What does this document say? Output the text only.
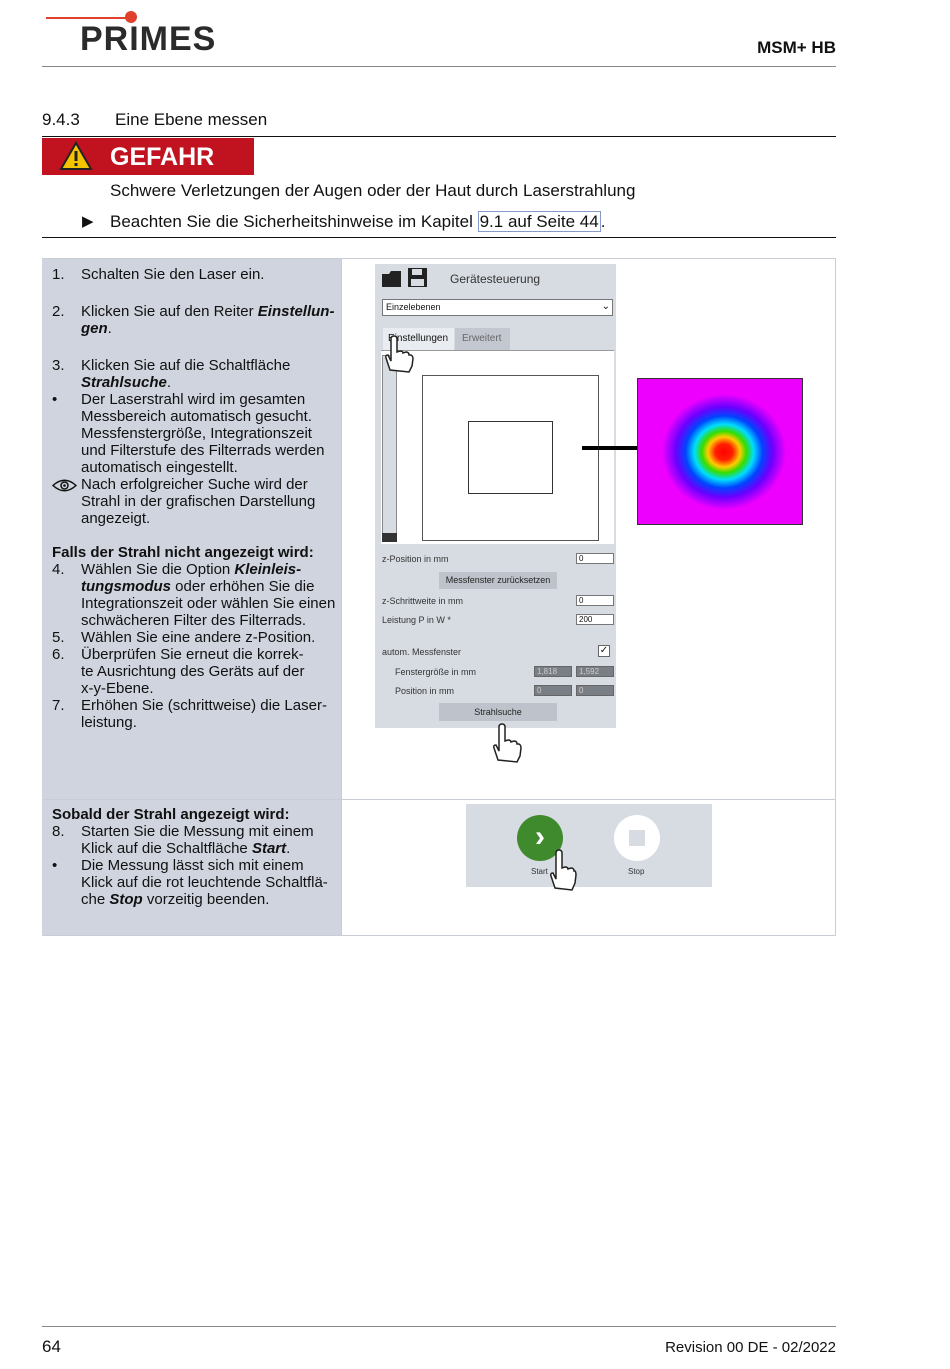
PRIMES	MSM+ HB
9.4.3 Eine Ebene messen
GEFAHR
Schwere Verletzungen der Augen oder der Haut durch Laserstrahlung
▶ Beachten Sie die Sicherheitshinweise im Kapitel 9.1 auf Seite 44 .
1. Schalten Sie den Laser ein.
2. Klicken Sie auf den Reiter Einstellun-
gen.
3. Klicken Sie auf die Schaltfläche
Strahlsuche.
• Der Laserstrahl wird im gesamten
Messbereich automatisch gesucht.
Messfenstergröße, Integrationszeit
und Filterstufe des Filterrads werden
automatisch eingestellt.
Nach erfolgreicher Suche wird der
Strahl in der grafischen Darstellung
angezeigt.
Falls der Strahl nicht angezeigt wird:
4. Wählen Sie die Option Kleinleis-
tungsmodus oder erhöhen Sie die
Integrationszeit oder wählen Sie einen
schwächeren Filter des Filterrads.
5. Wählen Sie eine andere z-Position.
6. Überprüfen Sie erneut die korrek-
te Ausrichtung des Geräts auf der
x-y-Ebene.
7. Erhöhen Sie (schrittweise) die Laser-
leistung.
Sobald der Strahl angezeigt wird:
8. Starten Sie die Messung mit einem
Klick auf die Schaltfläche Start.
• Die Messung lässt sich mit einem
Klick auf die rot leuchtende Schaltflä-
che Stop vorzeitig beenden.
Gerätesteuerung
Einzelebenen	⌄
Einstellungen	Erweitert
z-Position in mm	0
Messfenster zurücksetzen
z-Schrittweite in mm	0
Leistung P in W *	200
autom. Messfenster	✓
Fenstergröße in mm	1,818	1,592
Position in mm	0	0
Strahlsuche
›
Start	Stop
64	Revision 00 DE - 02/2022
